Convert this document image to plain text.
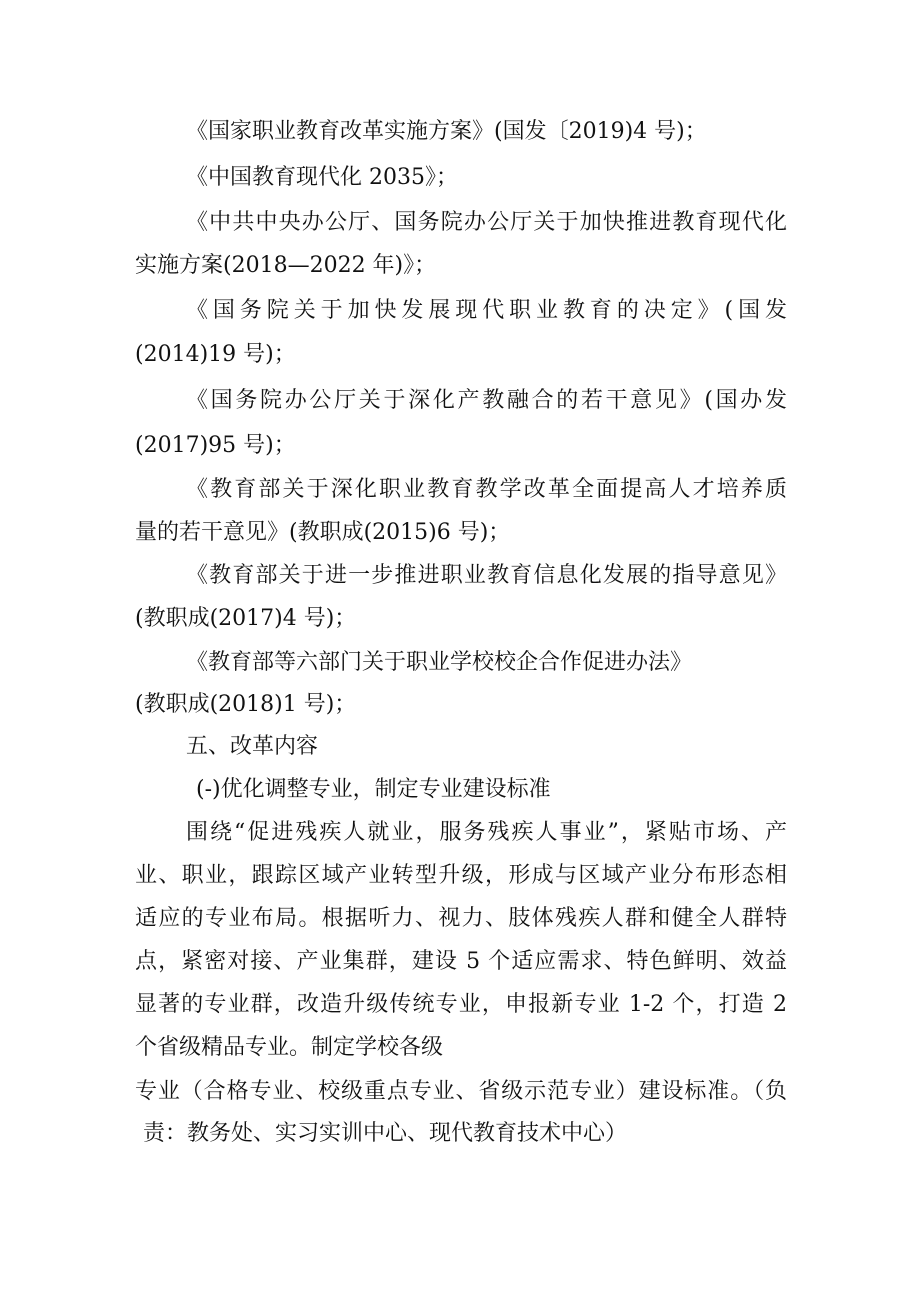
《国家职业教育改革实施方案》(国发〔2019)4 号)；
《中国教育现代化 2035》；
《中共中央办公厅、国务院办公厅关于加快推进教育现代化
实施方案(2018—2022 年)》；
《国务院关于加快发展现代职业教育的决定》(国发
(2014)19 号)；
《国务院办公厅关于深化产教融合的若干意见》(国办发
(2017)95 号)；
《教育部关于深化职业教育教学改革全面提高人才培养质
量的若干意见》(教职成(2015)6 号)；
《教育部关于进一步推进职业教育信息化发展的指导意见》
(教职成(2017)4 号)；
《教育部等六部门关于职业学校校企合作促进办法》
(教职成(2018)1 号)；
五、改革内容
(-)优化调整专业，制定专业建设标准
围绕“促进残疾人就业，服务残疾人事业”，紧贴市场、产
业、职业，跟踪区域产业转型升级，形成与区域产业分布形态相
适应的专业布局。根据听力、视力、肢体残疾人群和健全人群特
点，紧密对接、产业集群，建设 5 个适应需求、特色鲜明、效益
显著的专业群，改造升级传统专业，申报新专业 1-2 个，打造 2
个省级精品专业。制定学校各级
专业（合格专业、校级重点专业、省级示范专业）建设标准。（负
责：教务处、实习实训中心、现代教育技术中心）
